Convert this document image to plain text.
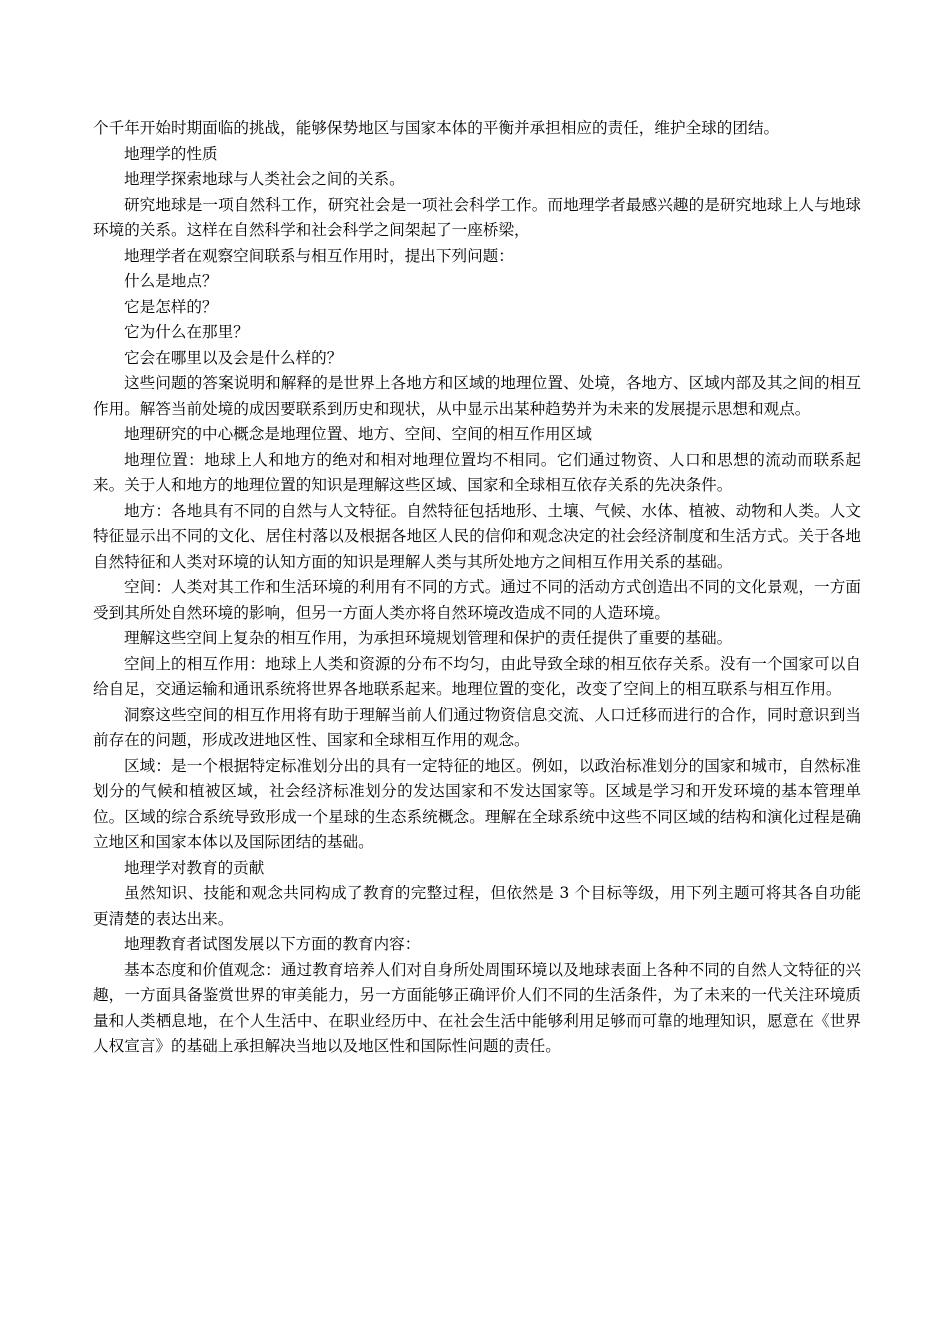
个千年开始时期面临的挑战，能够保势地区与国家本体的平衡并承担相应的责任，维护全球的团结。

地理学的性质

地理学探索地球与人类社会之间的关系。

研究地球是一项自然科工作，研究社会是一项社会科学工作。而地理学者最感兴趣的是研究地球上人与地球环境的关系。这样在自然科学和社会科学之间架起了一座桥梁，

地理学者在观察空间联系与相互作用时，提出下列问题：

什么是地点？

它是怎样的？

它为什么在那里？

它会在哪里以及会是什么样的？

这些问题的答案说明和解释的是世界上各地方和区域的地理位置、处境，各地方、区域内部及其之间的相互作用。解答当前处境的成因要联系到历史和现状，从中显示出某种趋势并为未来的发展提示思想和观点。

地理研究的中心概念是地理位置、地方、空间、空间的相互作用区域

地理位置：地球上人和地方的绝对和相对地理位置均不相同。它们通过物资、人口和思想的流动而联系起来。关于人和地方的地理位置的知识是理解这些区域、国家和全球相互依存关系的先决条件。

地方：各地具有不同的自然与人文特征。自然特征包括地形、土壤、气候、水体、植被、动物和人类。人文特征显示出不同的文化、居住村落以及根据各地区人民的信仰和观念决定的社会经济制度和生活方式。关于各地自然特征和人类对环境的认知方面的知识是理解人类与其所处地方之间相互作用关系的基础。

空间：人类对其工作和生活环境的利用有不同的方式。通过不同的活动方式创造出不同的文化景观，一方面受到其所处自然环境的影响，但另一方面人类亦将自然环境改造成不同的人造环境。

理解这些空间上复杂的相互作用，为承担环境规划管理和保护的责任提供了重要的基础。

空间上的相互作用：地球上人类和资源的分布不均匀，由此导致全球的相互依存关系。没有一个国家可以自给自足，交通运输和通讯系统将世界各地联系起来。地理位置的变化，改变了空间上的相互联系与相互作用。

洞察这些空间的相互作用将有助于理解当前人们通过物资信息交流、人口迁移而进行的合作，同时意识到当前存在的问题，形成改进地区性、国家和全球相互作用的观念。

区域：是一个根据特定标准划分出的具有一定特征的地区。例如，以政治标准划分的国家和城市，自然标准划分的气候和植被区域，社会经济标准划分的发达国家和不发达国家等。区域是学习和开发环境的基本管理单位。区域的综合系统导致形成一个星球的生态系统概念。理解在全球系统中这些不同区域的结构和演化过程是确立地区和国家本体以及国际团结的基础。

地理学对教育的贡献

虽然知识、技能和观念共同构成了教育的完整过程，但依然是 3 个目标等级，用下列主题可将其各自功能更清楚的表达出来。

地理教育者试图发展以下方面的教育内容：

基本态度和价值观念：通过教育培养人们对自身所处周围环境以及地球表面上各种不同的自然人文特征的兴趣，一方面具备鉴赏世界的审美能力，另一方面能够正确评价人们不同的生活条件，为了未来的一代关注环境质量和人类栖息地，在个人生活中、在职业经历中、在社会生活中能够利用足够而可靠的地理知识，愿意在《世界人权宣言》的基础上承担解决当地以及地区性和国际性问题的责任。
